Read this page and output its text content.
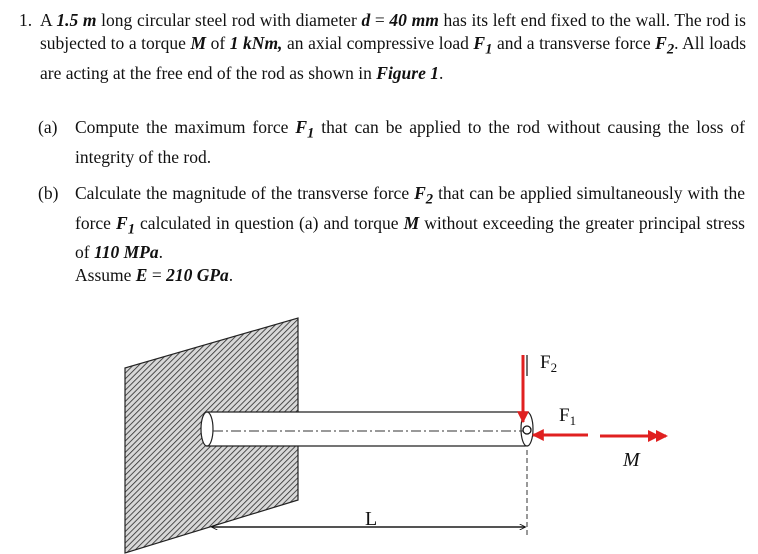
1. A 1.5 m long circular steel rod with diameter d = 40 mm has its left end fixed to the wall. The rod is subjected to a torque M of 1 kNm, an axial compressive load $F_1$ and a transverse force $F_2$. All loads are acting at the free end of the rod as shown in Figure 1.
(a) Compute the maximum force $F_1$ that can be applied to the rod without causing the loss of integrity of the rod.
(b) Calculate the magnitude of the transverse force $F_2$ that can be applied simultaneously with the force $F_1$ calculated in question (a) and torque M without exceeding the greater principal stress of 110 MPa.
Assume E = 210 GPa.
$F_2$
$F_1$
M
L
